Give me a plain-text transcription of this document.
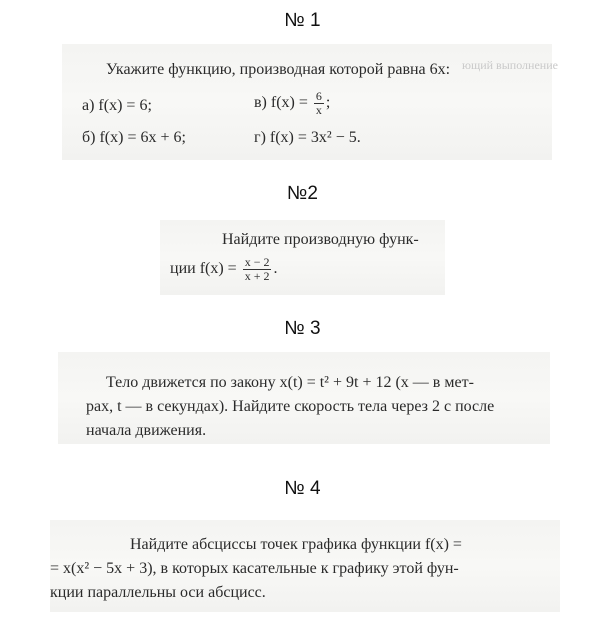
№ 1
№2
№ 3
№ 4
ющий выполнение
Укажите функцию, производная которой равна 6x:
а) f(x) = 6;
б) f(x) = 6x + 6;
в) $f(x) = \frac{6}{x}$ ;
г) f(x) = 3x² − 5.
Найдите производную функ-
ции $f(x) = \frac{x - 2}{x + 2}$ .
Тело движется по закону x(t) = t² + 9t + 12 (x — в мет-
рах, t — в секундах). Найдите скорость тела через 2 с после
начала движения.
Найдите абсциссы точек графика функции f(x) =
= x(x² − 5x + 3), в которых касательные к графику этой фун-
кции параллельны оси абсцисс.
